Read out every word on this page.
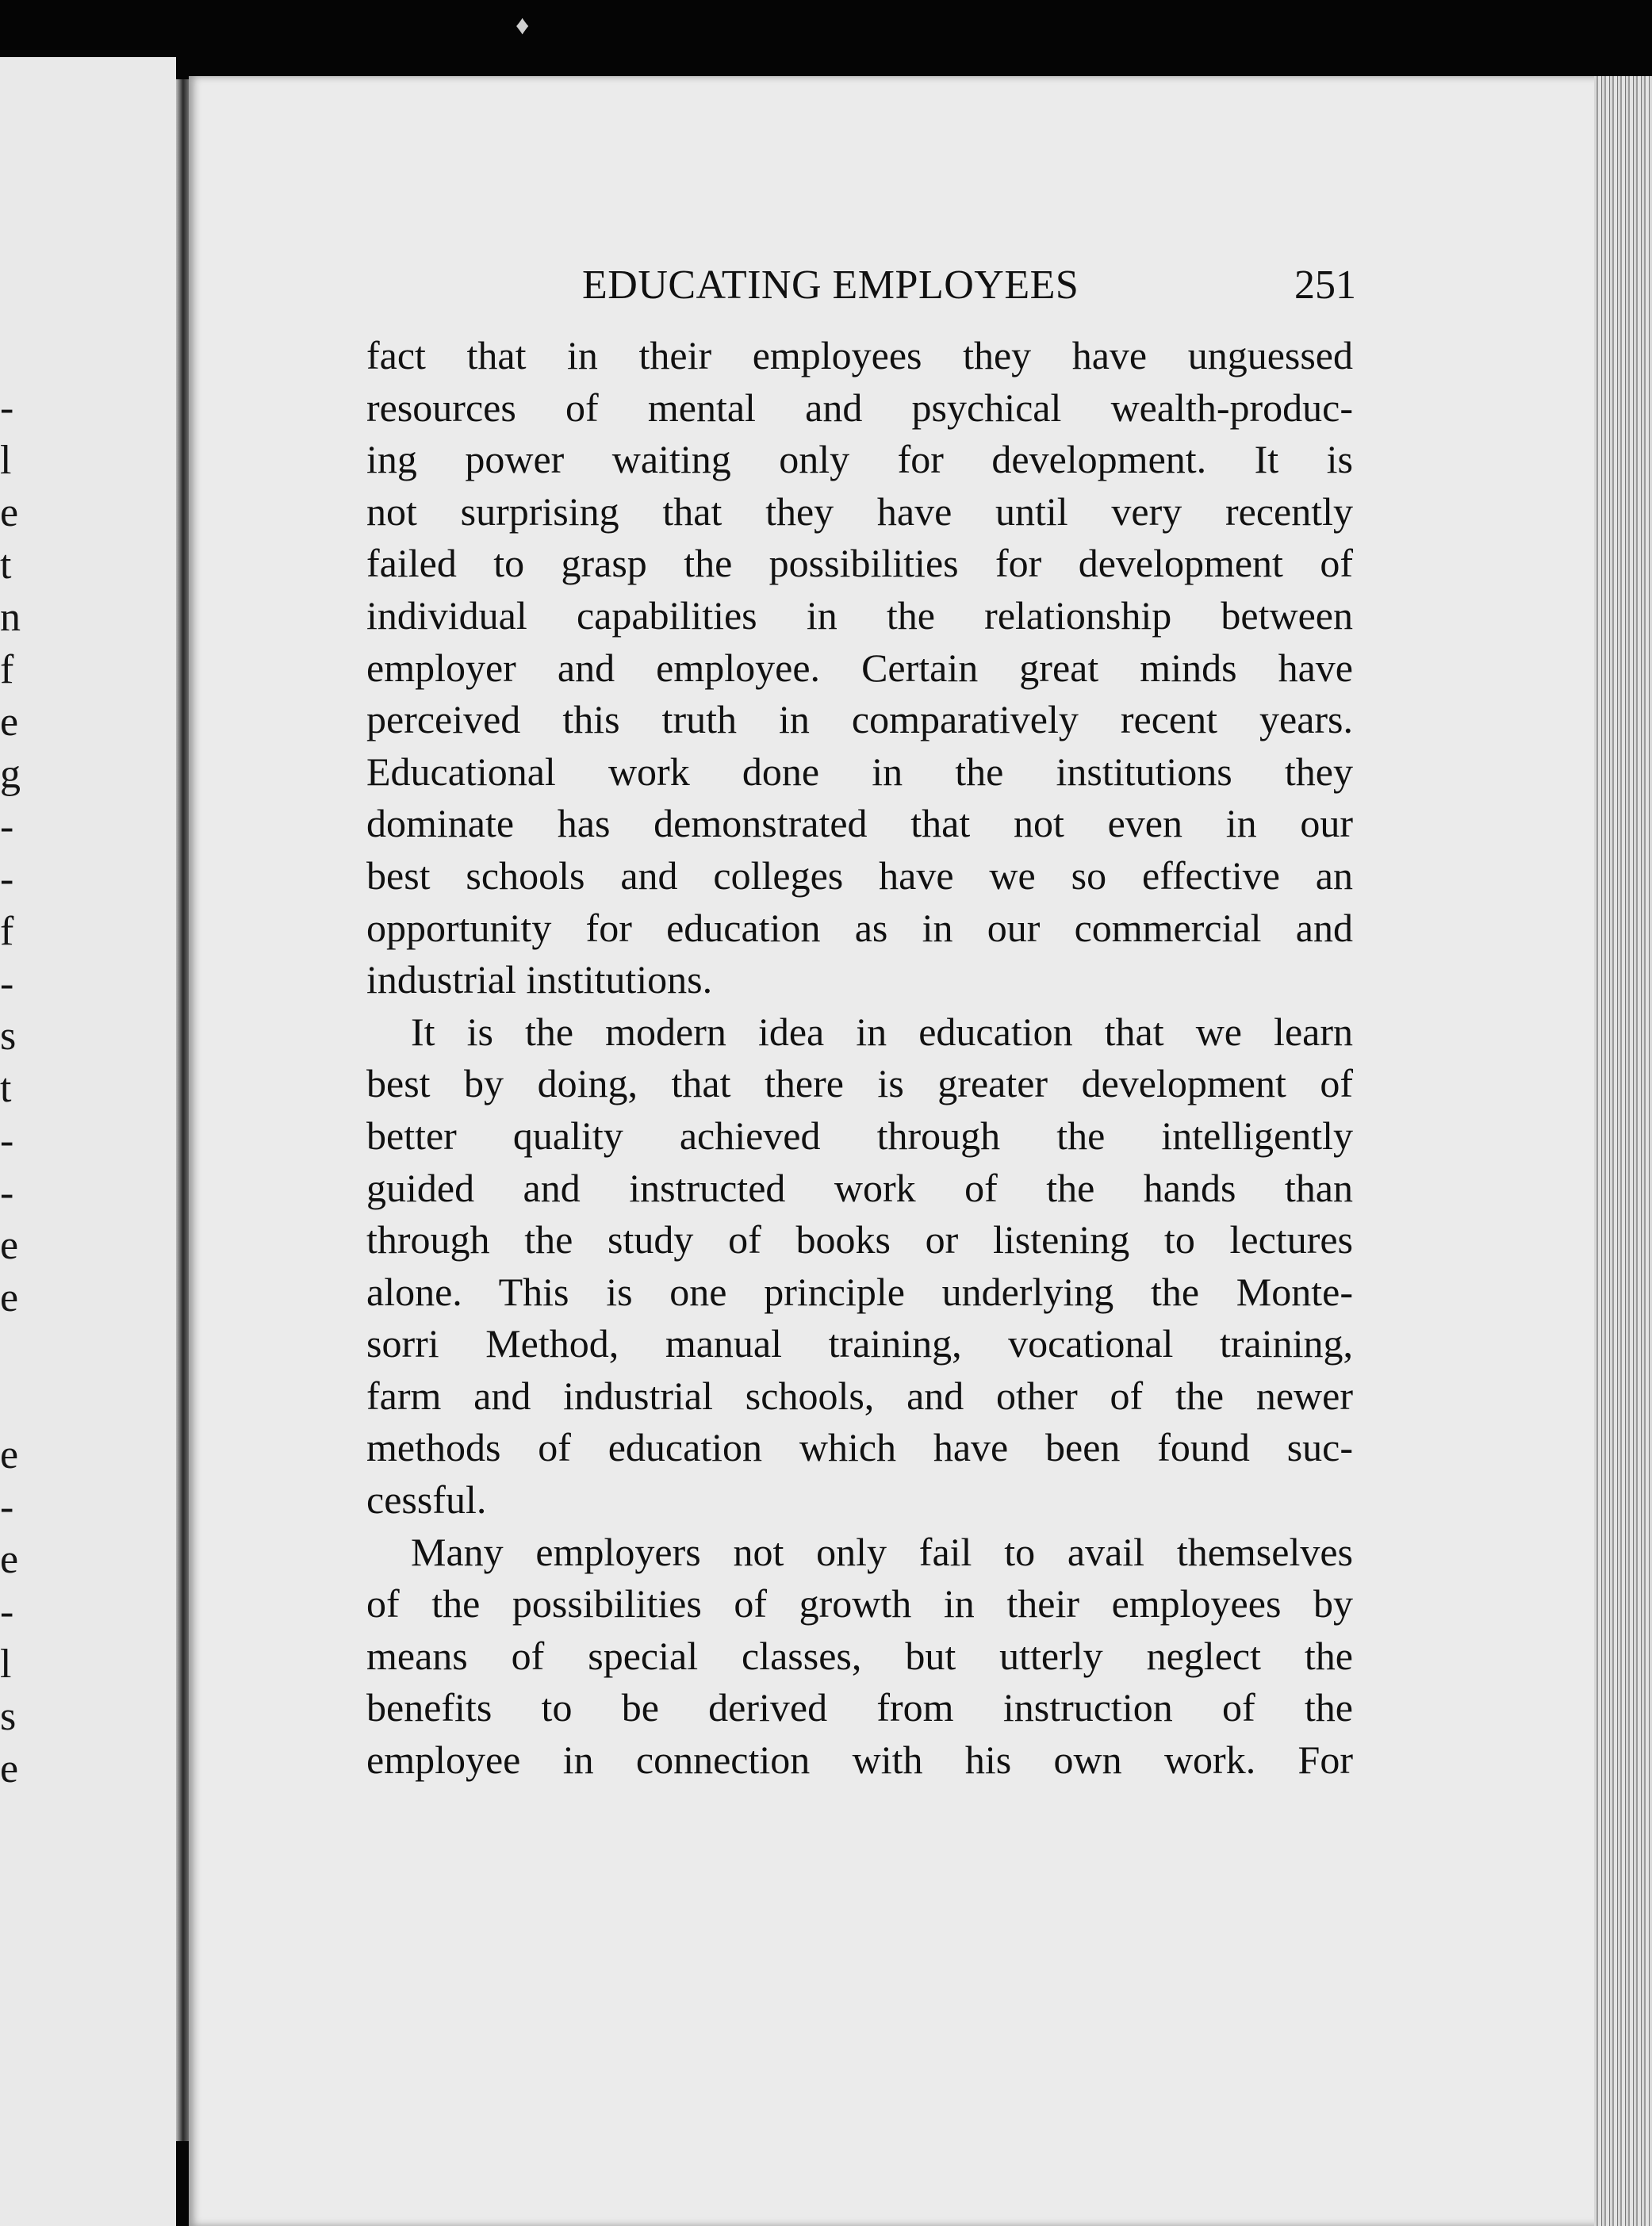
♦
-
l
e
t
n
f
e
g
-
-
f
-
s
t
-
-
e
e
e
-
e
-
l
s
e
EDUCATING EMPLOYEES	251
fact that in their employees they have unguessed
resources of mental and psychical wealth-produc-
ing power waiting only for development. It is
not surprising that they have until very recently
failed to grasp the possibilities for development of
individual capabilities in the relationship between
employer and employee. Certain great minds have
perceived this truth in comparatively recent years.
Educational work done in the institutions they
dominate has demonstrated that not even in our
best schools and colleges have we so effective an
opportunity for education as in our commercial and
industrial institutions.
It is the modern idea in education that we learn
best by doing, that there is greater development of
better quality achieved through the intelligently
guided and instructed work of the hands than
through the study of books or listening to lectures
alone. This is one principle underlying the Monte-
sorri Method, manual training, vocational training,
farm and industrial schools, and other of the newer
methods of education which have been found suc-
cessful.
Many employers not only fail to avail themselves
of the possibilities of growth in their employees by
means of special classes, but utterly neglect the
benefits to be derived from instruction of the
employee in connection with his own work. For
